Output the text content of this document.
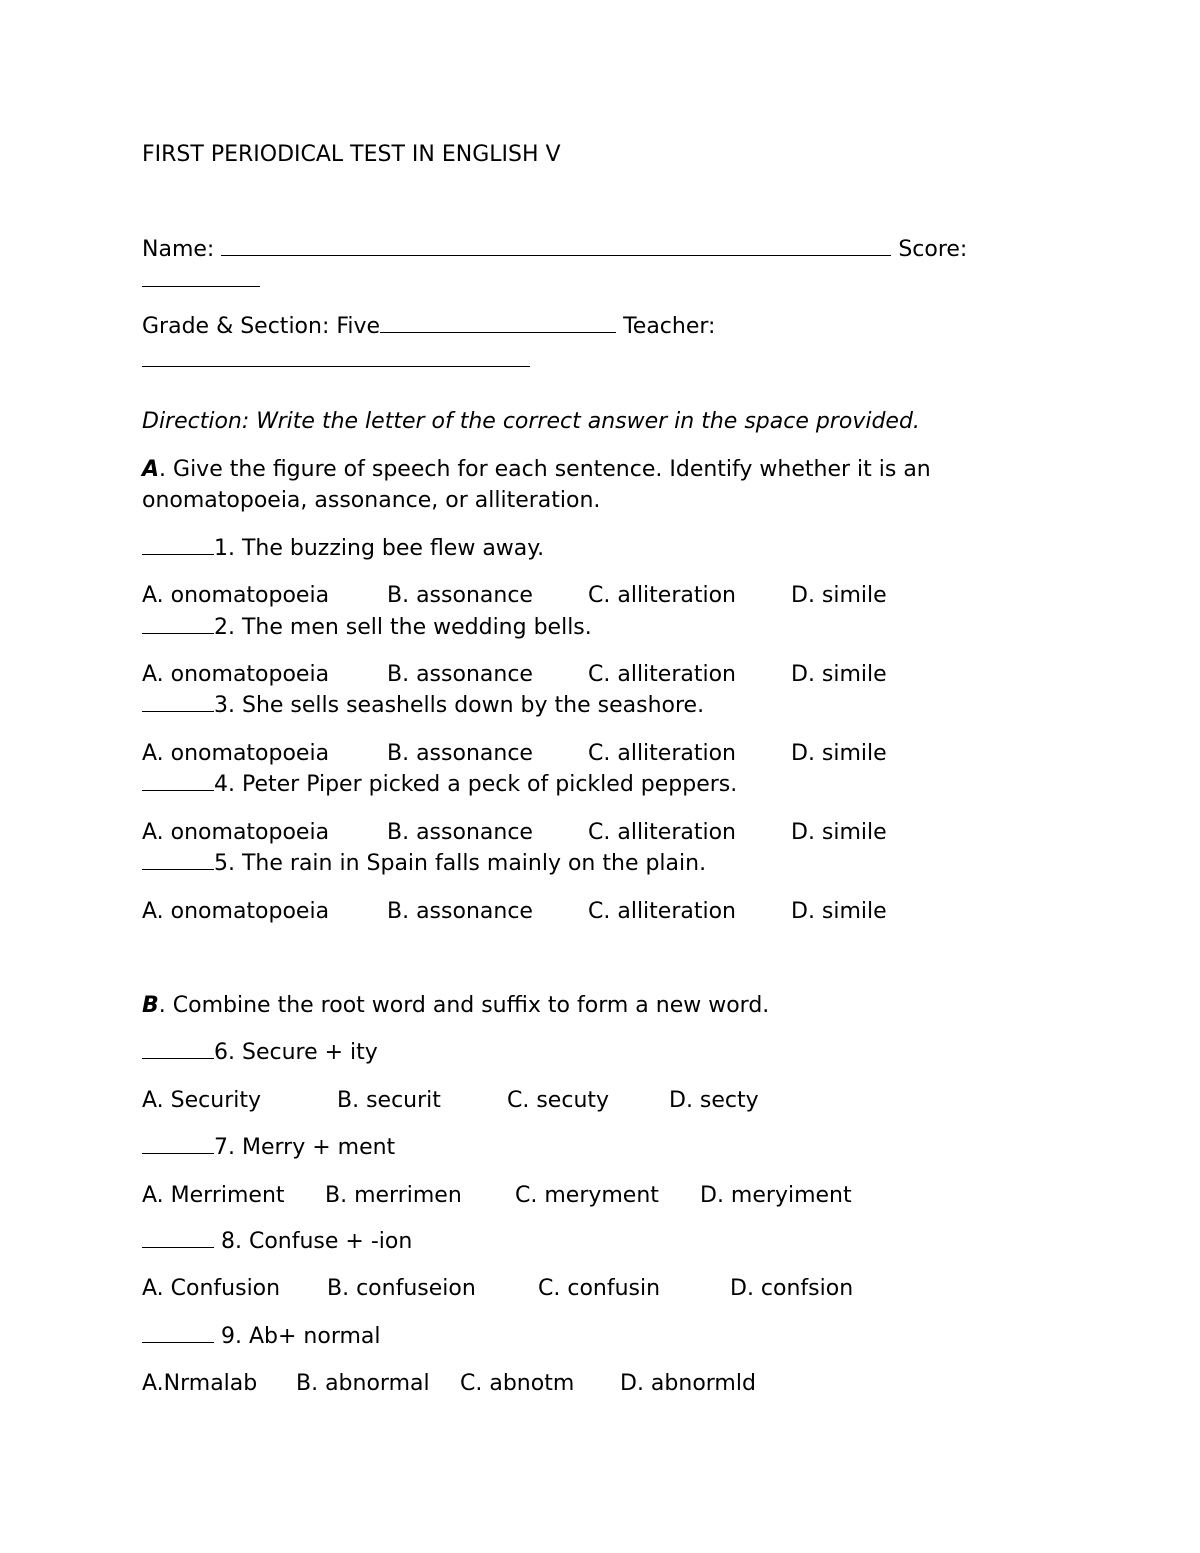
FIRST PERIODICAL TEST IN ENGLISH V
Name:	Score:
Grade & Section: Five	Teacher:
Direction: Write the letter of the correct answer in the space provided.
A. Give the figure of speech for each sentence. Identify whether it is an
onomatopoeia, assonance, or alliteration.
1. The buzzing bee flew away.
A. onomatopoeia	B. assonance	C. alliteration	D. simile
2. The men sell the wedding bells.
A. onomatopoeia	B. assonance	C. alliteration	D. simile
3. She sells seashells down by the seashore.
A. onomatopoeia	B. assonance	C. alliteration	D. simile
4. Peter Piper picked a peck of pickled peppers.
A. onomatopoeia	B. assonance	C. alliteration	D. simile
5. The rain in Spain falls mainly on the plain.
A. onomatopoeia	B. assonance	C. alliteration	D. simile
B. Combine the root word and suffix to form a new word.
6. Secure + ity
A. Security	B. securit	C. secuty	D. secty
7. Merry + ment
A. Merriment B. merrimen C. meryment D. meryiment
8. Confuse + -ion
A. Confusion B. confuseion	C. confusin	D. confsion
9. Ab+ normal
A.Nrmalab B. abnormal C. abnotm D. abnormld
